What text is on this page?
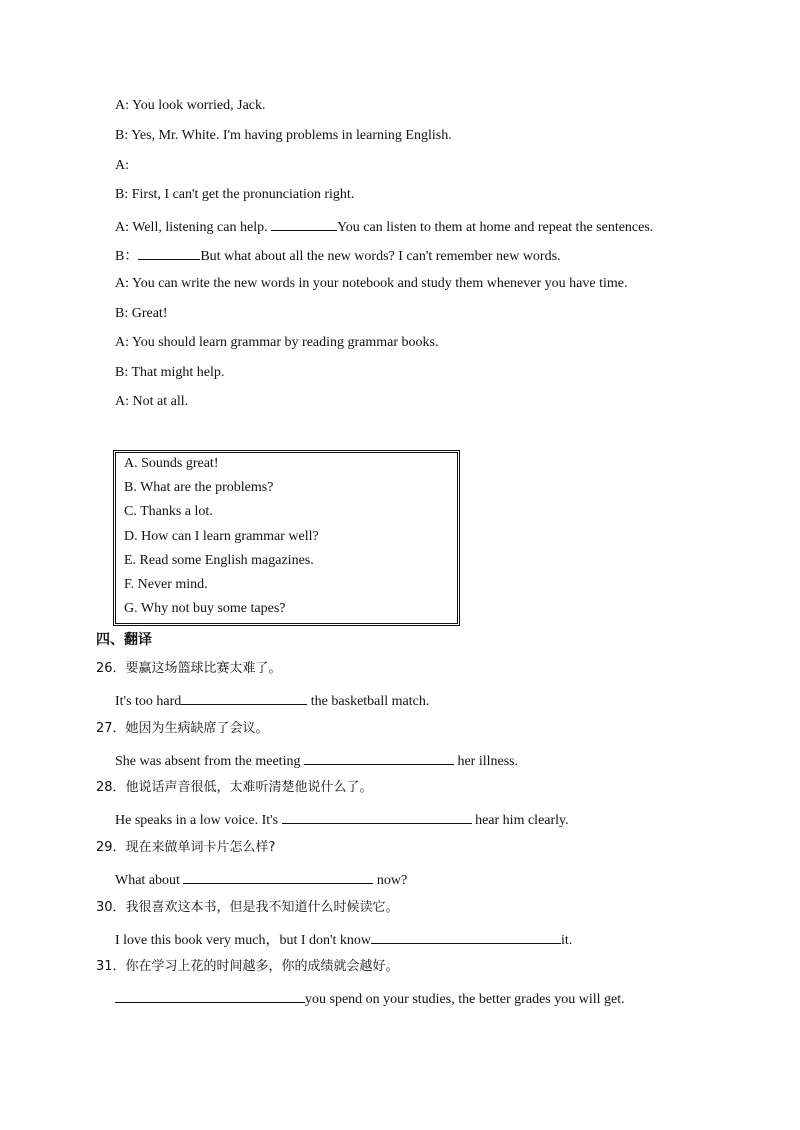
A: You look worried, Jack.
B: Yes, Mr. White. I'm having problems in learning English.
A:
B: First, I can't get the pronunciation right.
A: Well, listening can help.	You can listen to them at home and repeat the sentences.
B：	But what about all the new words? I can't remember new words.
A: You can write the new words in your notebook and study them whenever you have time.
B: Great!
A: You should learn grammar by reading grammar books.
B: That might help.
A: Not at all.
A. Sounds great!
B. What are the problems?
C. Thanks a lot.
D. How can I learn grammar well?
E. Read some English magazines.
F. Never mind.
G. Why not buy some tapes?
四、翻译
26．要赢这场篮球比赛太难了。
It's too hard	the basketball match.
27．她因为生病缺席了会议。
She was absent from the meeting	her illness.
28．他说话声音很低，太难听清楚他说什么了。
He speaks in a low voice. It's	hear him clearly.
29．现在来做单词卡片怎么样?
What about	now?
30．我很喜欢这本书，但是我不知道什么时候读它。
I love this book very much，but I don't know	it.
31．你在学习上花的时间越多，你的成绩就会越好。
you spend on your studies, the better grades you will get.
